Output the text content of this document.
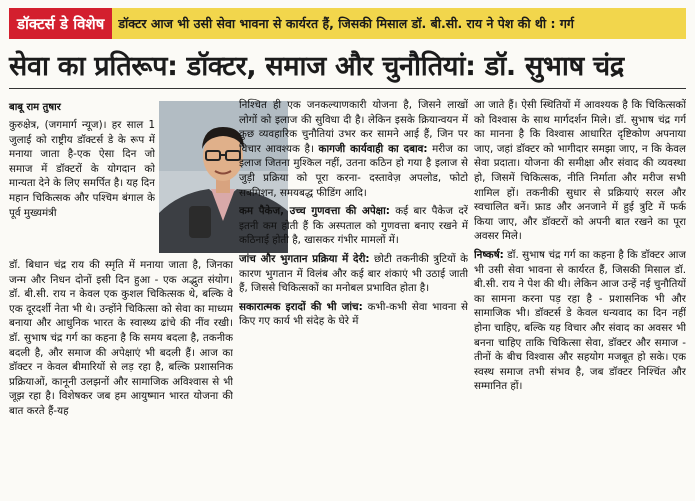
डॉक्टर्स डे विशेष	डॉक्टर आज भी उसी सेवा भावना से कार्यरत हैं, जिसकी मिसाल डॉ. बी.सी. राय ने पेश की थी : गर्ग
सेवा का प्रतिरूप: डॉक्टर, समाज और चुनौतियां: डॉ. सुभाष चंद्र
बाबू राम तुषार

कुरुक्षेत्र, (जगमार्ग न्यूज)। हर साल 1 जुलाई को राष्ट्रीय डॉक्टर्स डे के रूप में मनाया जाता है-एक ऐसा दिन जो समाज में डॉक्टरों के योगदान को मान्यता देने के लिए समर्पित है। यह दिन महान चिकित्सक और पश्चिम बंगाल के पूर्व मुख्यमंत्री

डॉ. बिधान चंद्र राय की स्मृति में मनाया जाता है, जिनका जन्म और निधन दोनों इसी दिन हुआ - एक अद्भुत संयोग। डॉ. बी.सी. राय न केवल एक कुशल चिकित्सक थे, बल्कि वे एक दूरदर्शी नेता भी थे। उन्होंने चिकित्सा को सेवा का माध्यम बनाया और आधुनिक भारत के स्वास्थ्य ढांचे की नींव रखी। डॉ. सुभाष चंद्र गर्ग का कहना है कि समय बदला है, तकनीक बदली है, और समाज की अपेक्षाएं भी बदली हैं। आज का डॉक्टर न केवल बीमारियों से लड़ रहा है, बल्कि प्रशासनिक प्रक्रियाओं, कानूनी उलझनों और सामाजिक अविश्वास से भी जूझ रहा है। विशेषकर जब हम आयुष्मान भारत योजना की बात करते हैं-यह

निश्चित ही एक जनकल्याणकारी योजना है, जिसने लाखों लोगों को इलाज की सुविधा दी है। लेकिन इसके क्रियान्वयन में कुछ व्यवहारिक चुनौतियां उभर कर सामने आई हैं, जिन पर विचार आवश्यक है। कागजी कार्यवाही का दबाव: मरीज का इलाज जितना मुश्किल नहीं, उतना कठिन हो गया है इलाज से जुड़ी प्रक्रिया को पूरा करना- दस्तावेज़ अपलोड, फोटो सबमिशन, समयबद्ध फीडिंग आदि।

कम पैकेज, उच्च गुणवत्ता की अपेक्षा: कई बार पैकेज दरें इतनी कम होती हैं कि अस्पताल को गुणवत्ता बनाए रखने में कठिनाई होती है, खासकर गंभीर मामलों में।

जांच और भुगतान प्रक्रिया में देरी: छोटी तकनीकी त्रुटियों के कारण भुगतान में विलंब और कई बार शंकाएं भी उठाई जाती हैं, जिससे चिकित्सकों का मनोबल प्रभावित होता है।

सकारात्मक इरादों की भी जांच: कभी-कभी सेवा भावना से किए गए कार्य भी संदेह के घेरे में

आ जाते हैं। ऐसी स्थितियों में आवश्यक है कि चिकित्सकों को विश्वास के साथ मार्गदर्शन मिले। डॉ. सुभाष चंद्र गर्ग का मानना है कि विश्वास आधारित दृष्टिकोण अपनाया जाए, जहां डॉक्टर को भागीदार समझा जाए, न कि केवल सेवा प्रदाता। योजना की समीक्षा और संवाद की व्यवस्था हो, जिसमें चिकित्सक, नीति निर्माता और मरीज सभी शामिल हों। तकनीकी सुधार से प्रक्रियाएं सरल और स्वचालित बनें। फ्राड और अनजाने में हुई त्रुटि में फर्क किया जाए, और डॉक्टरों को अपनी बात रखने का पूरा अवसर मिले।

निष्कर्ष: डॉ. सुभाष चंद्र गर्ग का कहना है कि डॉक्टर आज भी उसी सेवा भावना से कार्यरत हैं, जिसकी मिसाल डॉ. बी.सी. राय ने पेश की थी। लेकिन आज उन्हें नई चुनौतियों का सामना करना पड़ रहा है - प्रशासनिक भी और सामाजिक भी। डॉक्टर्स डे केवल धन्यवाद का दिन नहीं होना चाहिए, बल्कि यह विचार और संवाद का अवसर भी बनना चाहिए ताकि चिकित्सा सेवा, डॉक्टर और समाज - तीनों के बीच विश्वास और सहयोग मजबूत हो सके। एक स्वस्थ समाज तभी संभव है, जब डॉक्टर निश्चिंत और सम्मानित हों।
